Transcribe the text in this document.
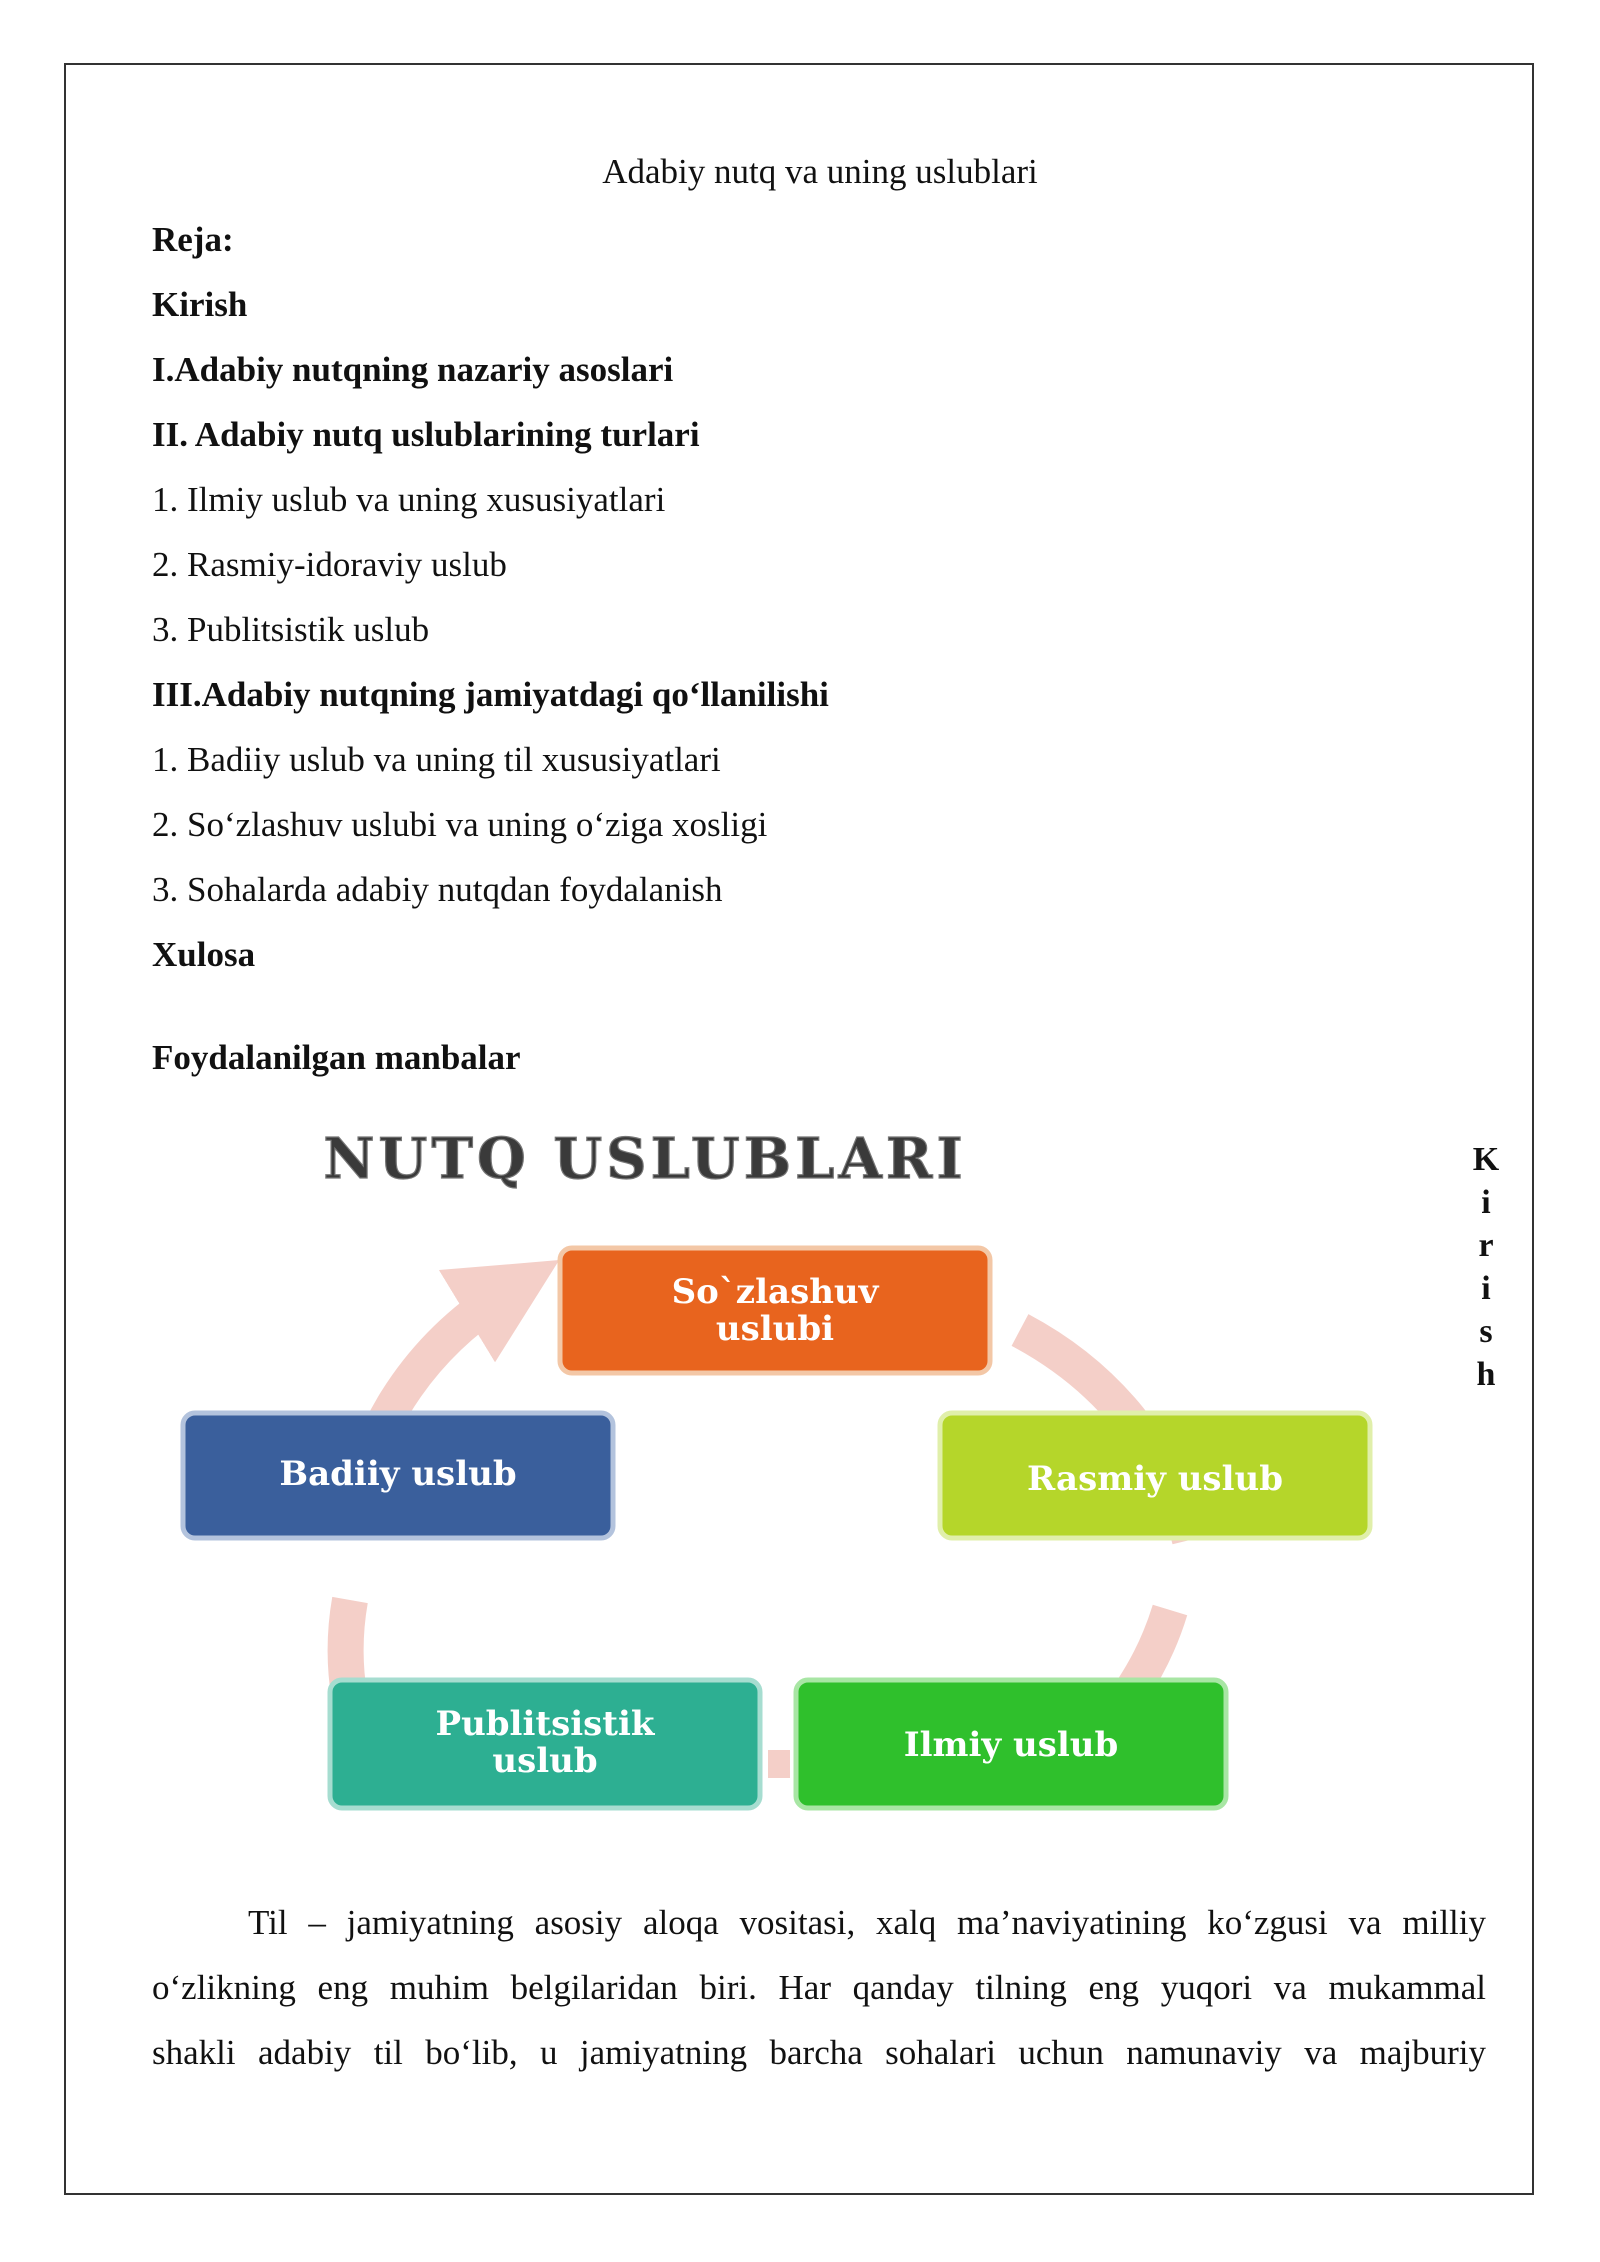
Adabiy nutq va uning uslublari
Reja:
Kirish
I.Adabiy nutqning nazariy asoslari
II. Adabiy nutq uslublarining turlari
1. Ilmiy uslub va uning xususiyatlari
2. Rasmiy-idoraviy uslub
3. Publitsistik uslub
III.Adabiy nutqning jamiyatdagi qo‘llanilishi
1. Badiiy uslub va uning til xususiyatlari
2. So‘zlashuv uslubi va uning o‘ziga xosligi
3. Sohalarda adabiy nutqdan foydalanish
Xulosa
Foydalanilgan manbalar
K
i
r
i
s
h
NUTQ USLUBLARI
So`zlashuv
uslubi
Rasmiy uslub
Ilmiy uslub
Publitsistik
uslub
Badiiy uslub

Til – jamiyatning asosiy aloqa vositasi, xalq ma’naviyatining ko‘zgusi va milliy
o‘zlikning eng muhim belgilaridan biri. Har qanday tilning eng yuqori va mukammal
shakli adabiy til bo‘lib, u jamiyatning barcha sohalari uchun namunaviy va majburiy
